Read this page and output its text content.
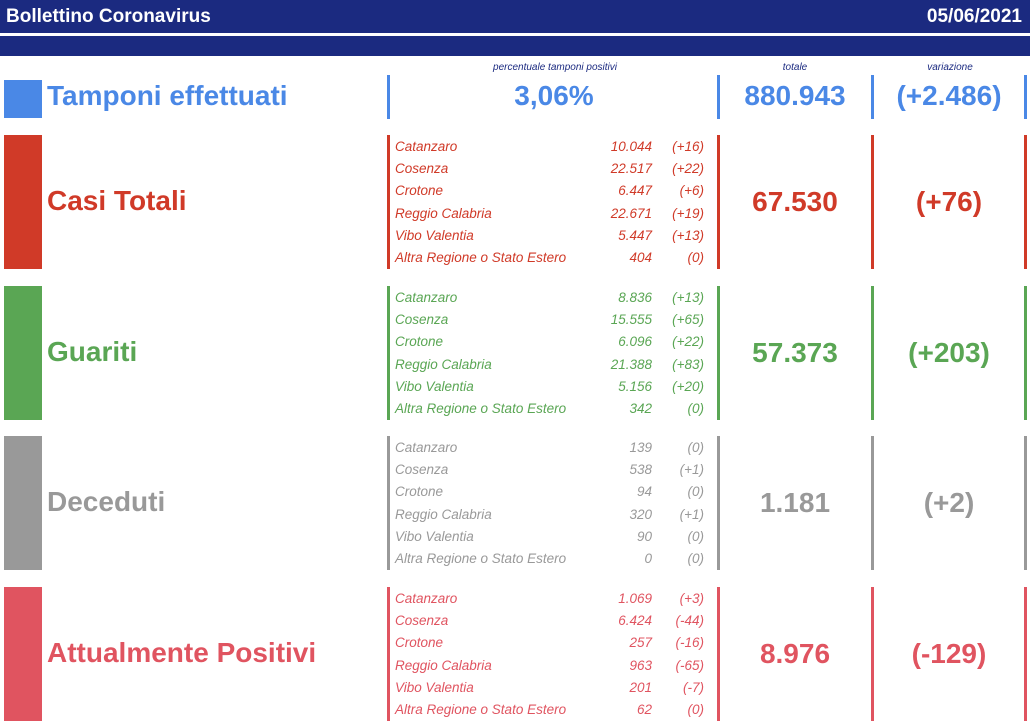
Bollettino Coronavirus	05/06/2021
percentuale tamponi positivi	totale	variazione
Tamponi effettuati	3,06%	880.943	(+2.486)
Casi Totali	67.530	(+76)
Catanzaro	10.044	(+16)
Cosenza	22.517	(+22)
Crotone	6.447	(+6)
Reggio Calabria	22.671	(+19)
Vibo Valentia	5.447	(+13)
Altra Regione o Stato Estero	404	(0)
Guariti	57.373	(+203)
Catanzaro	8.836	(+13)
Cosenza	15.555	(+65)
Crotone	6.096	(+22)
Reggio Calabria	21.388	(+83)
Vibo Valentia	5.156	(+20)
Altra Regione o Stato Estero	342	(0)
Deceduti	1.181	(+2)
Catanzaro	139	(0)
Cosenza	538	(+1)
Crotone	94	(0)
Reggio Calabria	320	(+1)
Vibo Valentia	90	(0)
Altra Regione o Stato Estero	0	(0)
Attualmente Positivi	8.976	(-129)
Catanzaro	1.069	(+3)
Cosenza	6.424	(-44)
Crotone	257	(-16)
Reggio Calabria	963	(-65)
Vibo Valentia	201	(-7)
Altra Regione o Stato Estero	62	(0)
